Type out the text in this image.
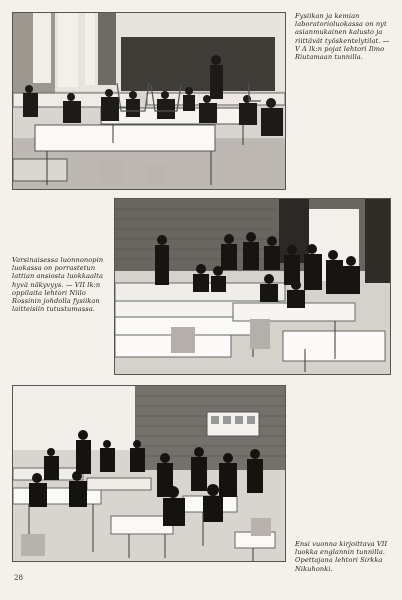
Fysiikan ja kemian laboratorioluokassa on nyt asianmukainen kalusto ja riittävät työskentelytilat. — V A lk:n pojat lehtori Ilmo Riutamaan tunnilla.
Varsinaisessa luonnonopin luokassa on porrastetun lattian ansiosta luokkaalta hyvä näkyvyys. — VII lk:n oppilaita lehtori Niilo Rossinin johdolla fysiikan laitteisiin tutustumassa.
Ensi vuonna kirjoittava VII luokka englannin tunnilla. Opettajana lehtori Sirkka Nikuhonki.
28
